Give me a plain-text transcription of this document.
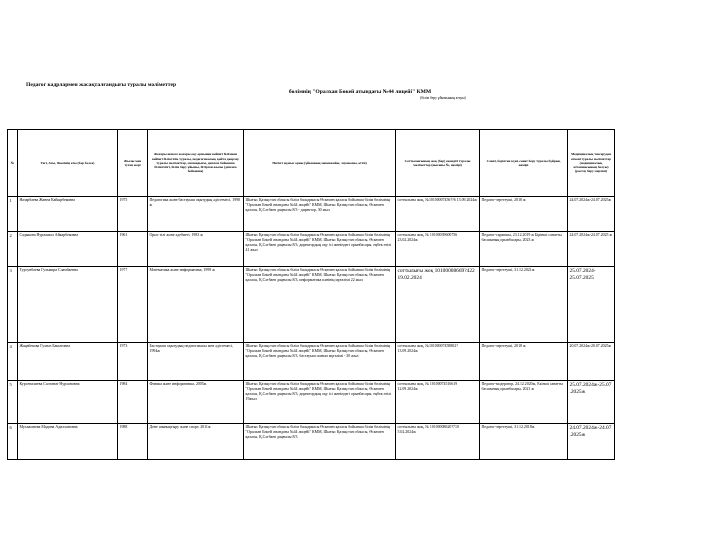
Педагог кадрлармен жасақталғандығы туралы мәліметтер
бөлімнің "Оралхан Бөкей атындағы №44 лицейі" КММ
(білім беру ұйымының атауы)
№	Тегі, Аты, Әкесінің аты (бар болса)	Жылы мен туған жері	Жоғары немесе жоғары оқу орнынан кейінгі білімнен кейінгі біліктілік туралы, педагогикалық қайта даярлау туралы мәліметтер, мамандығы, диплом бойынша біліктілігі, білім беру ұйымы, бітірген жылы (диплом бойынша)	Негізгі жұмыс орны (ұйымның мекенжайы, лауазымы, өтілі)	Соттылығының жоқ (бар) екендігі туралы мәліметтер (нысаны №, нөмірі)	Санат, берілген күні, санат беру туралы бұйрық нөмірі	Медициналық тексеруден өткені туралы мәліметтер (медициналық кітапшасының болуы) (растау беру мерзімі)
1	Назарбаева Жанна Кайырбековна	1975	Педагогика және бастауыш оқытудың әдістемесі, 1998 ж	Шығыс Қазақстан облысы білім басқармасы Өскемен қаласы бойынша білім бөлімінің "Оралхан Бөкей атындағы №44 лицейі" КММ, Шығыс Қазақстан облысы, Өскемен қаласы, Қ.Сәтбаев даңғылы 8/3 - директор, 30 жыл	соттылығы жоқ, №10100007456??6 13.09.2024ж	Педагог-зерттеуші, 2018 ж	24.07.2024ж-24.07.2025ж
2	Садыкова Нуржамал Айкарбековна	1961	Орыс тілі және әдебиеті, 1983 ж	Шығыс Қазақстан облысы білім басқармасы Өскемен қаласы бойынша білім бөлімінің "Оралхан Бөкей атындағы №44 лицейі" КММ, Шығыс Қазақстан облысы, Өскемен қаласы, Қ.Сәтбаев даңғылы 8/3, директордың оқу ісі жөніндегі орынбасары, еңбек өтілі 41 жыл	соттылығы жоқ, № 10100039600756 23.02.2024ж	Педагог-сарапшы, 23.12.2019 ж Бірінші санатты басшының орынбасары, 2023 ж	24.07.2024ж-24.07.2025 ж
3	Турсунбаева Гульмира Сламбаевна	1977	Математика және информатика, 1999 ж	Шығыс Қазақстан облысы білім басқармасы Өскемен қаласы бойынша білім бөлімінің "Оралхан Бөкей атындағы №44 лицейі" КММ, Шығыс Қазақстан облысы, Өскемен қаласы, Қ.Сәтбаев даңғылы 8/3, информатика пәнінің мұғалімі 22 жыл	соттылығы жоқ 10100008669?422 19.02.2024	Педагог-зерттеуші, 31.12.2021ж	25.07.2024-25.07.2025
4	Жаңабекова Гулназ Бакытовна	1973	Бастауыш оқытудың педагогикасы мен әдістемесі, 1994ж	Шығыс Қазақстан облысы білім басқармасы Өскемен қаласы бойынша білім бөлімінің "Оралхан Бөкей атындағы №44 лицейі" КММ, Шығыс Қазақстан облысы, Өскемен қаласы, Қ.Сәтбаев даңғылы 8/3, бастауыш сынып мұғалімі - 30 жыл	соттылығы жоқ, №10100007458802? 13.09.2024ж	Педагог-зерттеуші, 2018 ж	20.07.2024ж-20.07.2025ж
5	Курсеналиева Салтанат Нурлановна	1984	Физика және информатика, 2005ж	Шығыс Қазақстан облысы білім басқармасы Өскемен қаласы бойынша білім бөлімінің "Оралхан Бөкей атындағы №44 лицейі" КММ, Шығыс Қазақстан облысы, Өскемен қаласы, Қ.Сәтбаев даңғылы 8/3, директордың оқу ісі жөніндегі орынбасары, еңбек өтілі 19жыл	соттылығы жоқ, № 10100074516619 12.09.2024ж	Педагог-модератор, 24.12.2020ж, Екінші санатты басшының орынбасары, 2021 ж	25.07.2024ж-25.07.2025ж
6	Мухажанова Мадина Адилхановна	1988	Дене шынықтыру және спорт, 2011ж	Шығыс Қазақстан облысы білім басқармасы Өскемен қаласы бойынша білім бөлімінің "Оралхан Бөкей атындағы №44 лицейі" КММ, Шығыс Қазақстан облысы, Өскемен қаласы, Қ.Сәтбаев даңғылы 8/3	соттылығы жоқ, № 10100008620?710 5.02.2024ж	Педагог-зерттеуші, 31.12.2018ж	24.07.2024ж-24.07.2025ж
